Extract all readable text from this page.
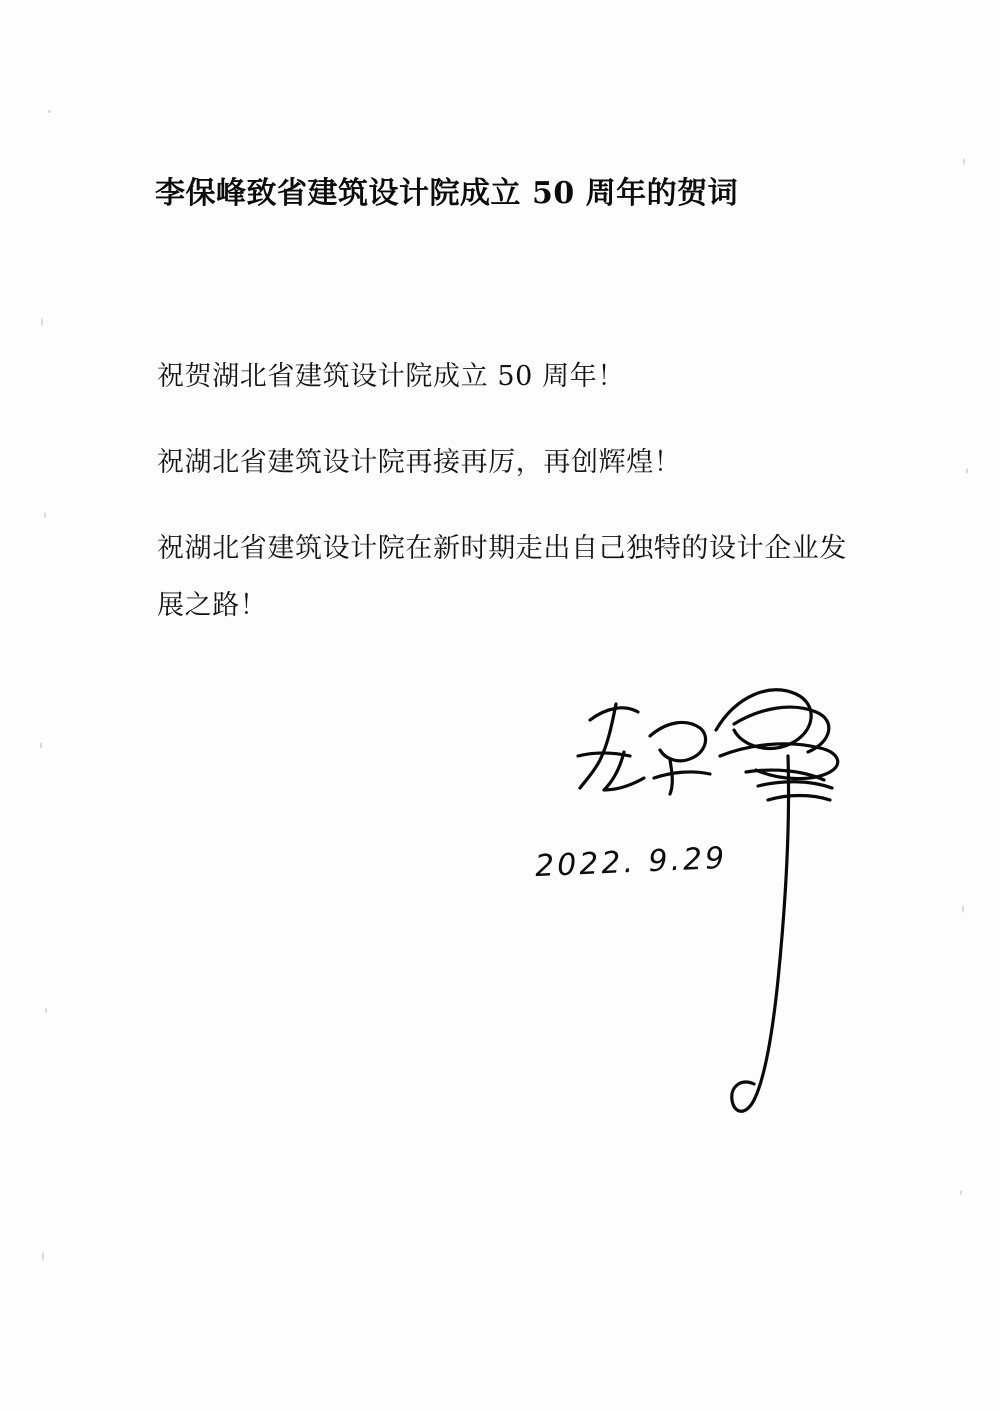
李保峰致省建筑设计院成立 50 周年的贺词

祝贺湖北省建筑设计院成立 50 周年！

祝湖北省建筑设计院再接再厉，再创辉煌！

祝湖北省建筑设计院在新时期走出自己独特的设计企业发展之路！

2022. 9.29
